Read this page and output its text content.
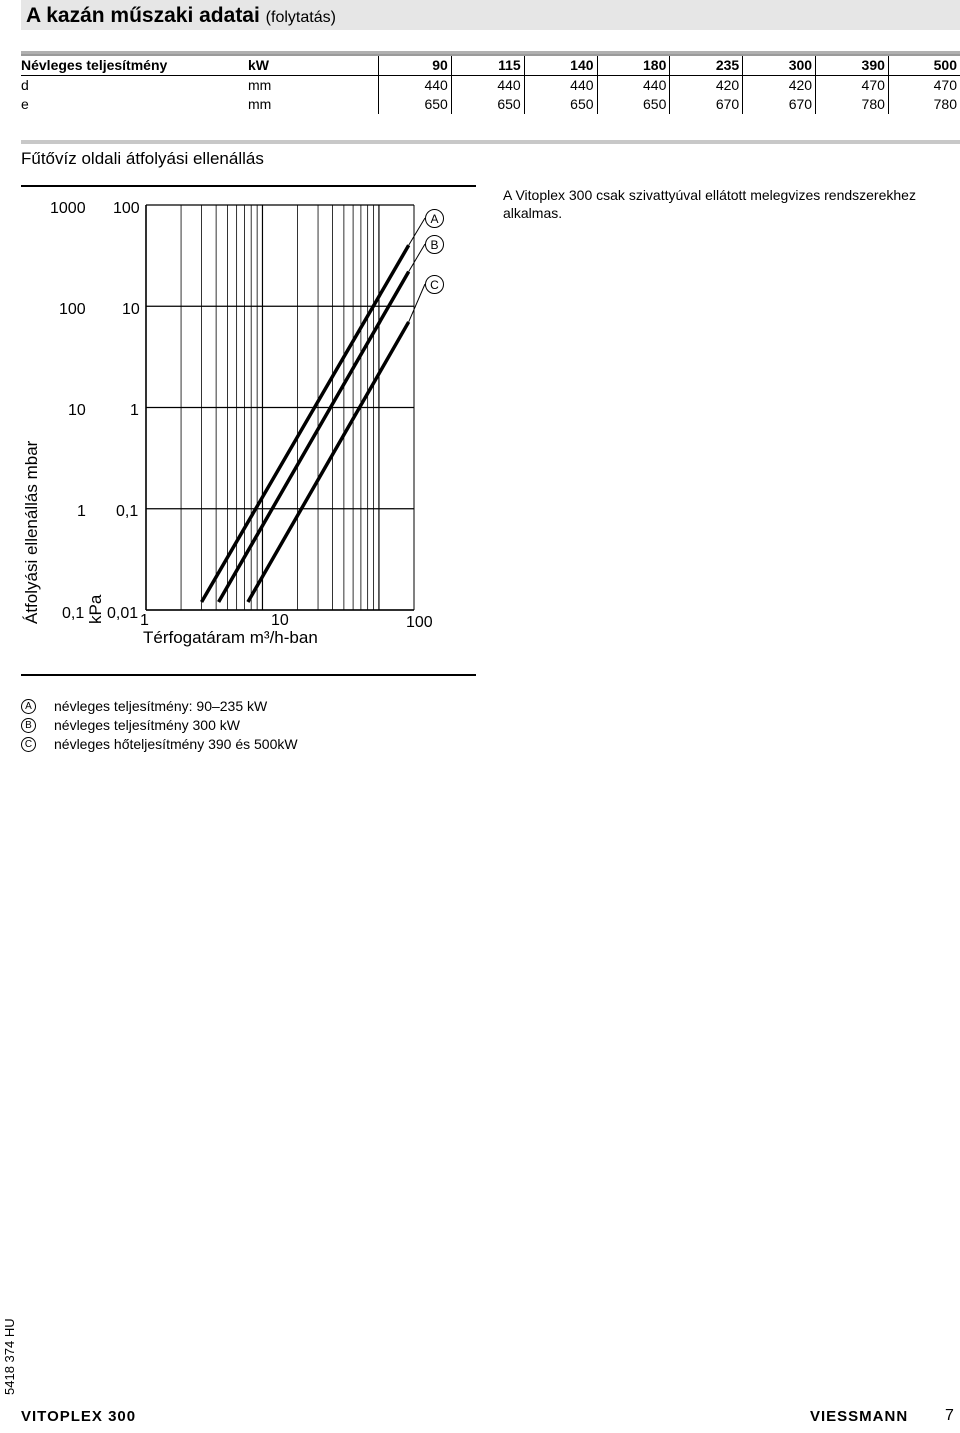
A kazán műszaki adatai (folytatás)
Névleges teljesítmény	kW	90	115	140	180	235	300	390	500
d	mm	440	440	440	440	420	420	470	470
e	mm	650	650	650	650	670	670	780	780
Fűtővíz oldali átfolyási ellenállás
A Vitoplex 300 csak szivattyúval ellátott melegvizes rendszerekhez alkalmas.
1000 100
100 10
10	1
1 0,1
0,1 0,01
Átfolyási ellenállás mbar	kPa 1	10	100
Térfogatáram m³/h-ban
A
B
C
A névleges teljesítmény: 90–235 kW
B névleges teljesítmény 300 kW
C névleges hőteljesítmény 390 és 500kW
5418 374 HU
VITOPLEX 300	VIESSMANN 7
